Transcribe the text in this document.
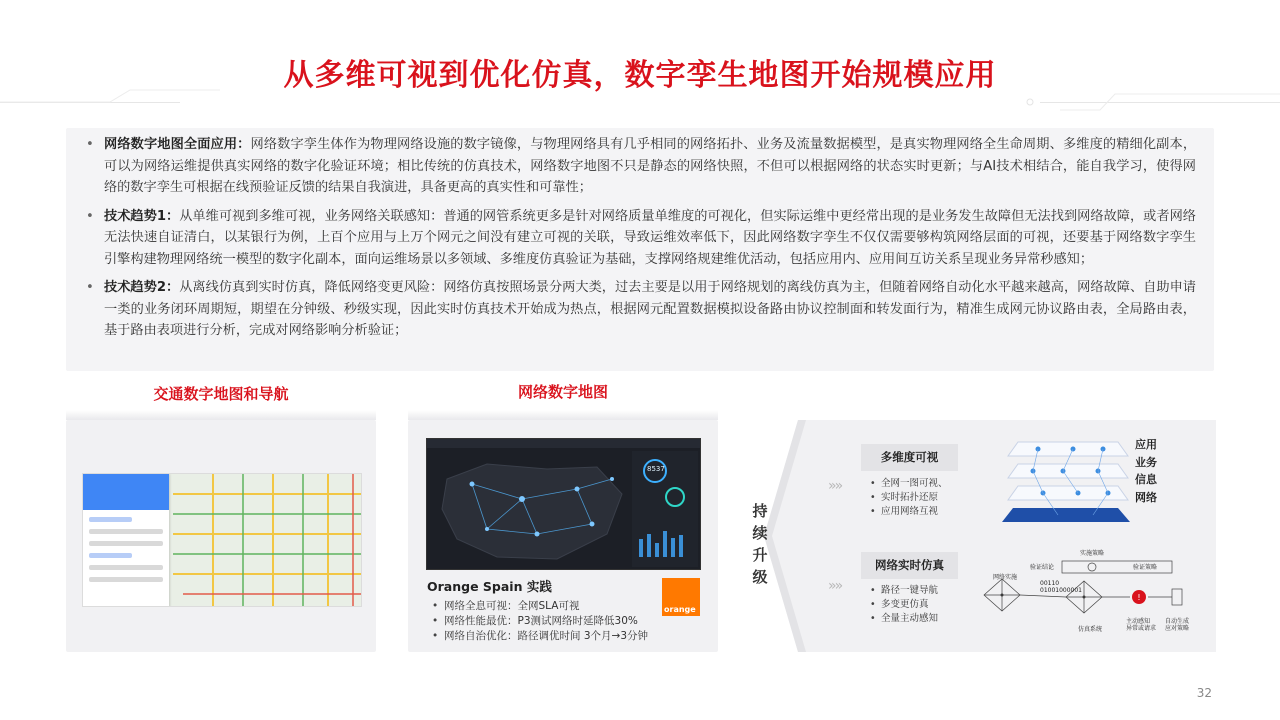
从多维可视到优化仿真，数字孪生地图开始规模应用
• 网络数字地图全面应用：网络数字孪生体作为物理网络设施的数字镜像，与物理网络具有几乎相同的网络拓扑、业务及流量数据模型，是真实物理网络全生命周期、多维度的精细化副本，可以为网络运维提供真实网络的数字化验证环境；相比传统的仿真技术，网络数字地图不只是静态的网络快照，不但可以根据网络的状态实时更新；与AI技术相结合，能自我学习，使得网络的数字孪生可根据在线预验证反馈的结果自我演进，具备更高的真实性和可靠性；
• 技术趋势1：从单维可视到多维可视，业务网络关联感知：普通的网管系统更多是针对网络质量单维度的可视化，但实际运维中更经常出现的是业务发生故障但无法找到网络故障，或者网络无法快速自证清白，以某银行为例，上百个应用与上万个网元之间没有建立可视的关联，导致运维效率低下，因此网络数字孪生不仅仅需要够构筑网络层面的可视，还要基于网络数字孪生引擎构建物理网络统一模型的数字化副本，面向运维场景以多领域、多维度仿真验证为基础，支撑网络规建维优活动，包括应用内、应用间互访关系呈现业务异常秒感知；
• 技术趋势2：从离线仿真到实时仿真，降低网络变更风险：网络仿真按照场景分两大类，过去主要是以用于网络规划的离线仿真为主，但随着网络自动化水平越来越高，网络故障、自助申请一类的业务闭环周期短，期望在分钟级、秒级实现，因此实时仿真技术开始成为热点，根据网元配置数据模拟设备路由协议控制面和转发面行为，精准生成网元协议路由表，全局路由表，基于路由表项进行分析，完成对网络影响分析验证；
交通数字地图和导航	网络数字地图
8537
Orange Spain 实践
• 网络全息可视：全网SLA可视
• 网络性能最优：P3测试网络时延降低30%
• 网络自治优化：路径调优时间 3个月→3分钟
orange
持
续
升
级
»»
多维度可视
• 全网一图可视、
• 实时拓扑还原
• 应用网络互视
»»
网络实时仿真
• 路径一键导航
• 多变更仿真
• 全量主动感知
应用
业务
信息
网络
!
实施策略
验证结论	验证策略
网络实施
00110
01001000001
仿真系统
主动感知
异常或请求
自动生成
应对策略
32
